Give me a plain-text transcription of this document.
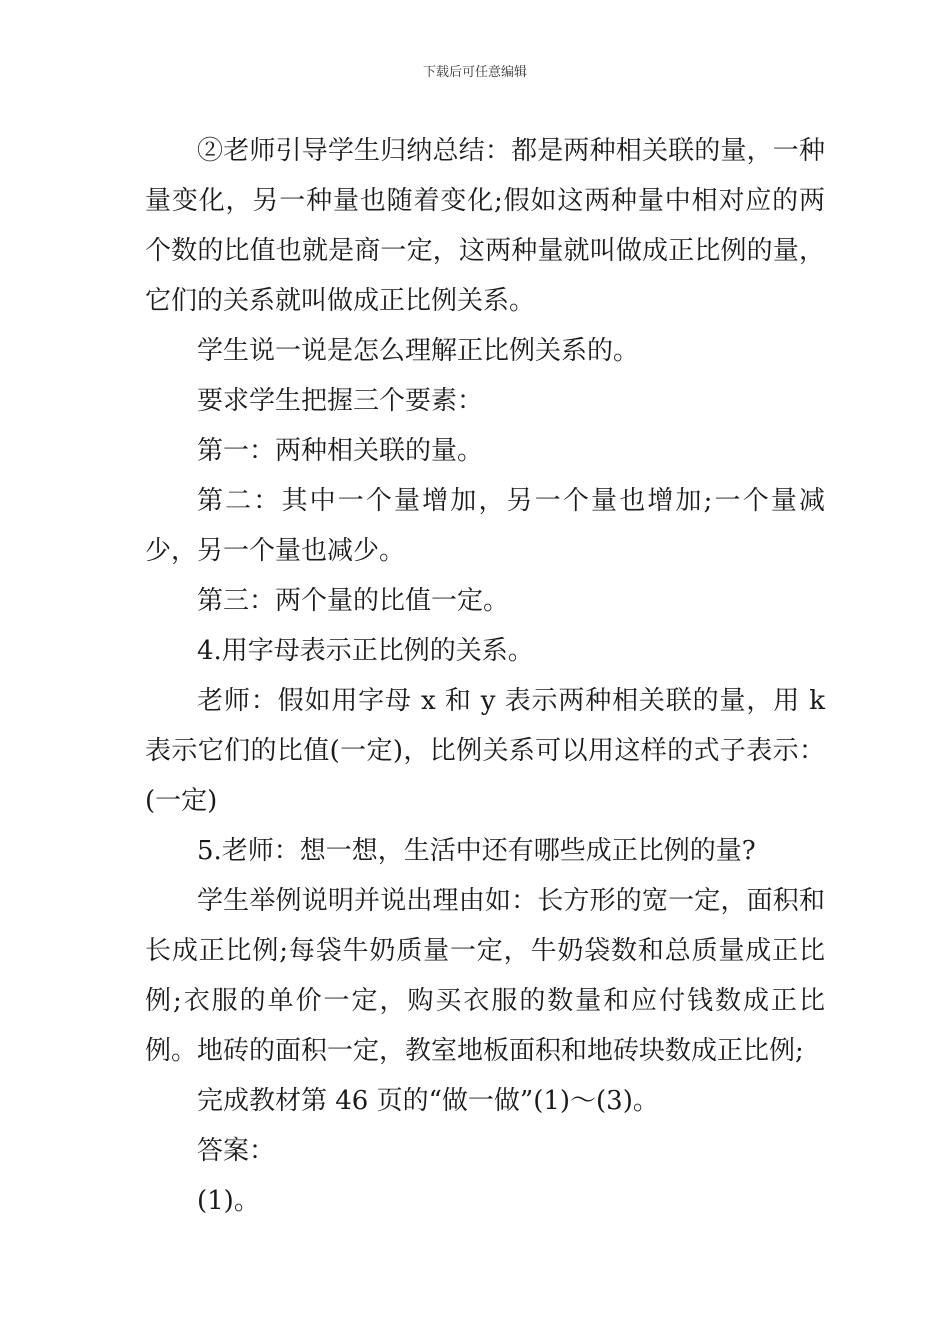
下载后可任意编辑

②老师引导学生归纳总结：都是两种相关联的量，一种量变化，另一种量也随着变化;假如这两种量中相对应的两个数的比值也就是商一定，这两种量就叫做成正比例的量，它们的关系就叫做成正比例关系。

学生说一说是怎么理解正比例关系的。

要求学生把握三个要素：

第一：两种相关联的量。

第二：其中一个量增加，另一个量也增加;一个量减少，另一个量也减少。

第三：两个量的比值一定。

4.用字母表示正比例的关系。

老师：假如用字母 x 和 y 表示两种相关联的量，用 k 表示它们的比值(一定)，比例关系可以用这样的式子表示：(一定)

5.老师：想一想，生活中还有哪些成正比例的量?

学生举例说明并说出理由如：长方形的宽一定，面积和长成正比例;每袋牛奶质量一定，牛奶袋数和总质量成正比例;衣服的单价一定，购买衣服的数量和应付钱数成正比例。地砖的面积一定，教室地板面积和地砖块数成正比例;

完成教材第 46 页的“做一做”(1)～(3)。

答案：

(1)。
